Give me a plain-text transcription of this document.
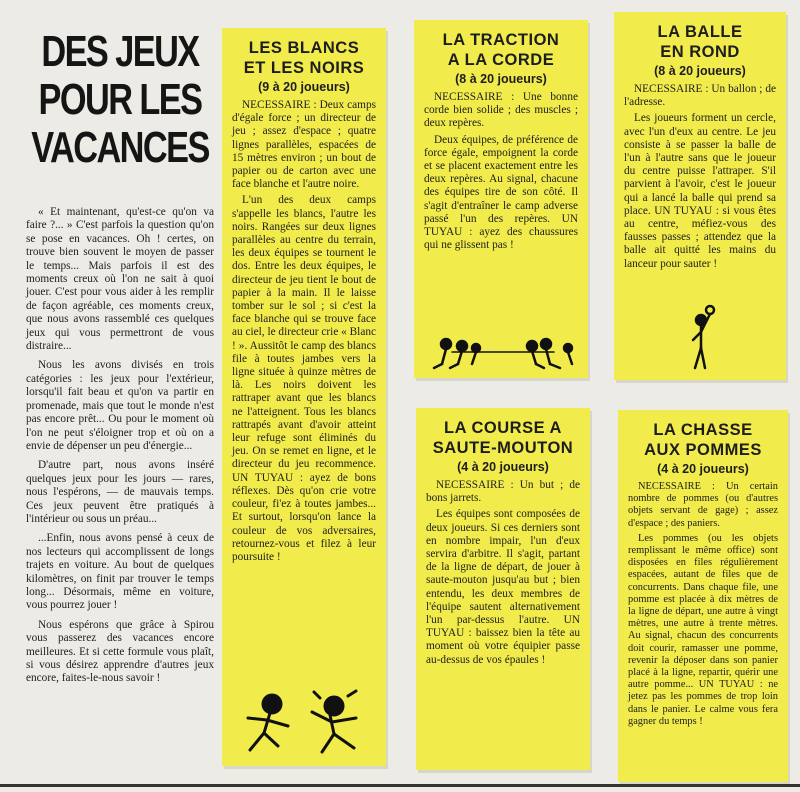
DES JEUX
POUR LES
VACANCES

« Et maintenant, qu'est-ce qu'on va faire ?... » C'est parfois la question qu'on se pose en vacances. Oh ! certes, on trouve bien souvent le moyen de passer le temps... Mais parfois il est des moments creux où l'on ne sait à quoi jouer. C'est pour vous aider à les remplir de façon agréable, ces moments creux, que nous avons rassemblé ces quelques jeux qui vous permettront de vous distraire...

Nous les avons divisés en trois catégories : les jeux pour l'extérieur, lorsqu'il fait beau et qu'on va partir en promenade, mais que tout le monde n'est pas encore prêt... Ou pour le moment où l'on ne peut s'éloigner trop et où on a envie de dépenser un peu d'énergie...

D'autre part, nous avons inséré quelques jeux pour les jours — rares, nous l'espérons, — de mauvais temps. Ces jeux peuvent être pratiqués à l'intérieur ou sous un préau...

...Enfin, nous avons pensé à ceux de nos lecteurs qui accomplissent de longs trajets en voiture. Au bout de quelques kilomètres, on finit par trouver le temps long... Désormais, même en voiture, vous pourrez jouer !

Nous espérons que grâce à Spirou vous passerez des vacances encore meilleures. Et si cette formule vous plaît, si vous désirez apprendre d'autres jeux encore, faites-le-nous savoir !

LES BLANCS
ET LES NOIRS
(9 à 20 joueurs)

NECESSAIRE : Deux camps d'égale force ; un directeur de jeu ; assez d'espace ; quatre lignes parallèles, espacées de 15 mètres environ ; un bout de papier ou de carton avec une face blanche et l'autre noire.

L'un des deux camps s'appelle les blancs, l'autre les noirs. Rangées sur deux lignes parallèles au centre du terrain, les deux équipes se tournent le dos. Entre les deux équipes, le directeur de jeu tient le bout de papier à la main. Il le laisse tomber sur le sol ; si c'est la face blanche qui se trouve face au ciel, le directeur crie « Blanc ! ». Aussitôt le camp des blancs file à toutes jambes vers la ligne située à quinze mètres de là. Les noirs doivent les rattraper avant que les blancs ne l'atteignent. Tous les blancs rattrapés avant d'avoir atteint leur refuge sont éliminés du jeu. On se remet en ligne, et le directeur du jeu recommence. UN TUYAU : ayez de bons réflexes. Dès qu'on crie votre couleur, fi'ez à toutes jambes... Et surtout, lorsqu'on lance la couleur de vos adversaires, retournez-vous et filez à leur poursuite !

LA TRACTION
A LA CORDE
(8 à 20 joueurs)

NECESSAIRE : Une bonne corde bien solide ; des muscles ; deux repères.

Deux équipes, de préférence de force égale, empoignent la corde et se placent exactement entre les deux repères. Au signal, chacune des équipes tire de son côté. Il s'agit d'entraîner le camp adverse passé l'un des repères. UN TUYAU : ayez des chaussures qui ne glissent pas !

LA BALLE
EN ROND
(8 à 20 joueurs)

NECESSAIRE : Un ballon ; de l'adresse.

Les joueurs forment un cercle, avec l'un d'eux au centre. Le jeu consiste à se passer la balle de l'un à l'autre sans que le joueur du centre puisse l'attraper. S'il parvient à l'avoir, c'est le joueur qui a lancé la balle qui prend sa place. UN TUYAU : si vous êtes au centre, méfiez-vous des fausses passes ; attendez que la balle ait quitté les mains du lanceur pour sauter !

LA COURSE A
SAUTE-MOUTON
(4 à 20 joueurs)

NECESSAIRE : Un but ; de bons jarrets.

Les équipes sont composées de deux joueurs. Si ces derniers sont en nombre impair, l'un d'eux servira d'arbitre. Il s'agit, partant de la ligne de départ, de jouer à saute-mouton jusqu'au but ; bien entendu, les deux membres de l'équipe sautent alternativement l'un par-dessus l'autre. UN TUYAU : baissez bien la tête au moment où votre équipier passe au-dessus de vos épaules !

LA CHASSE
AUX POMMES
(4 à 20 joueurs)

NECESSAIRE : Un certain nombre de pommes (ou d'autres objets servant de gage) ; assez d'espace ; des paniers.

Les pommes (ou les objets remplissant le même office) sont disposées en files régulièrement espacées, autant de files que de concurrents. Dans chaque file, une pomme est placée à dix mètres de la ligne de départ, une autre à vingt mètres, une autre à trente mètres. Au signal, chacun des concurrents doit courir, ramasser une pomme, revenir la déposer dans son panier placé à la ligne, repartir, quérir une autre pomme... UN TUYAU : ne jetez pas les pommes de trop loin dans le panier. Le calme vous fera gagner du temps !
